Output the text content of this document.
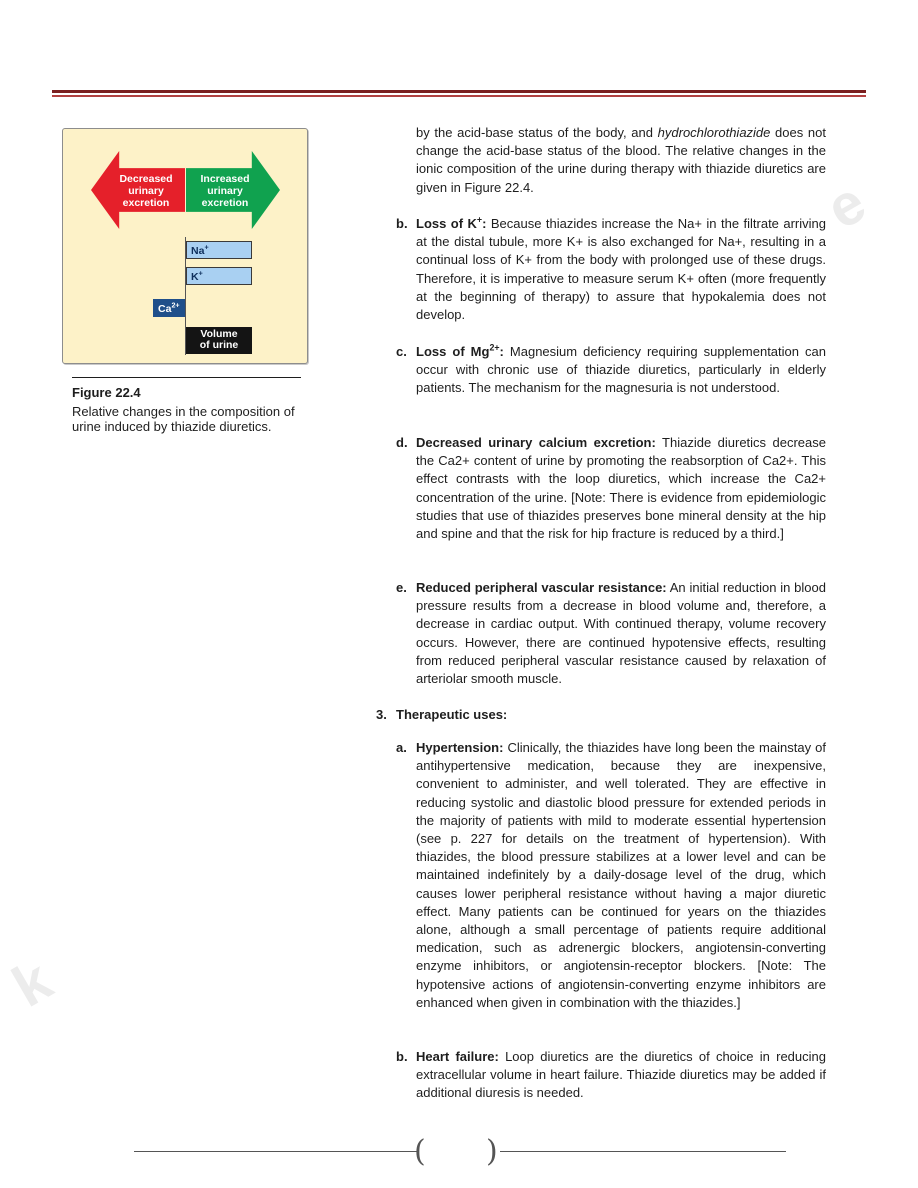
e
k
Decreased urinary excretion
Increased urinary excretion
Na+
K+
$Ca^{2+}$
Volume
of urine
Figure 22.4
Relative changes in the composition of urine induced by thiazide diuretics.

by the acid-base status of the body, and hydrochlorothiazide does not change the acid-base status of the blood. The relative changes in the ionic composition of the urine during therapy with thiazide diuretics are given in Figure 22.4.

b. Loss of K+: Because thiazides increase the Na+ in the filtrate arriving at the distal tubule, more K+ is also exchanged for Na+, resulting in a continual loss of K+ from the body with prolonged use of these drugs. Therefore, it is imperative to measure serum K+ often (more frequently at the beginning of therapy) to assure that hypokalemia does not develop.

c. Loss of $Mg^{2+}$: Magnesium deficiency requiring supplementation can occur with chronic use of thiazide diuretics, particularly in elderly patients. The mechanism for the magnesuria is not understood.

d. Decreased urinary calcium excretion: Thiazide diuretics decrease the Ca2+ content of urine by promoting the reabsorption of Ca2+. This effect contrasts with the loop diuretics, which increase the Ca2+ concentration of the urine. [Note: There is evidence from epidemiologic studies that use of thiazides preserves bone mineral density at the hip and spine and that the risk for hip fracture is reduced by a third.]

e. Reduced peripheral vascular resistance: An initial reduction in blood pressure results from a decrease in blood volume and, therefore, a decrease in cardiac output. With continued therapy, volume recovery occurs. However, there are continued hypotensive effects, resulting from reduced peripheral vascular resistance caused by relaxation of arteriolar smooth muscle.

3. Therapeutic uses:
a. Hypertension: Clinically, the thiazides have long been the mainstay of antihypertensive medication, because they are inexpensive, convenient to administer, and well tolerated. They are effective in reducing systolic and diastolic blood pressure for extended periods in the majority of patients with mild to moderate essential hypertension (see p. 227 for details on the treatment of hypertension). With thiazides, the blood pressure stabilizes at a lower level and can be maintained indefinitely by a daily-dosage level of the drug, which causes lower peripheral resistance without having a major diuretic effect. Many patients can be continued for years on the thiazides alone, although a small percentage of patients require additional medication, such as adrenergic blockers, angiotensin-converting enzyme inhibitors, or angiotensin-receptor blockers. [Note: The hypotensive actions of angiotensin-converting enzyme inhibitors are enhanced when given in combination with the thiazides.]

b. Heart failure: Loop diuretics are the diuretics of choice in reducing extracellular volume in heart failure. Thiazide diuretics may be added if additional diuresis is needed.

( )
